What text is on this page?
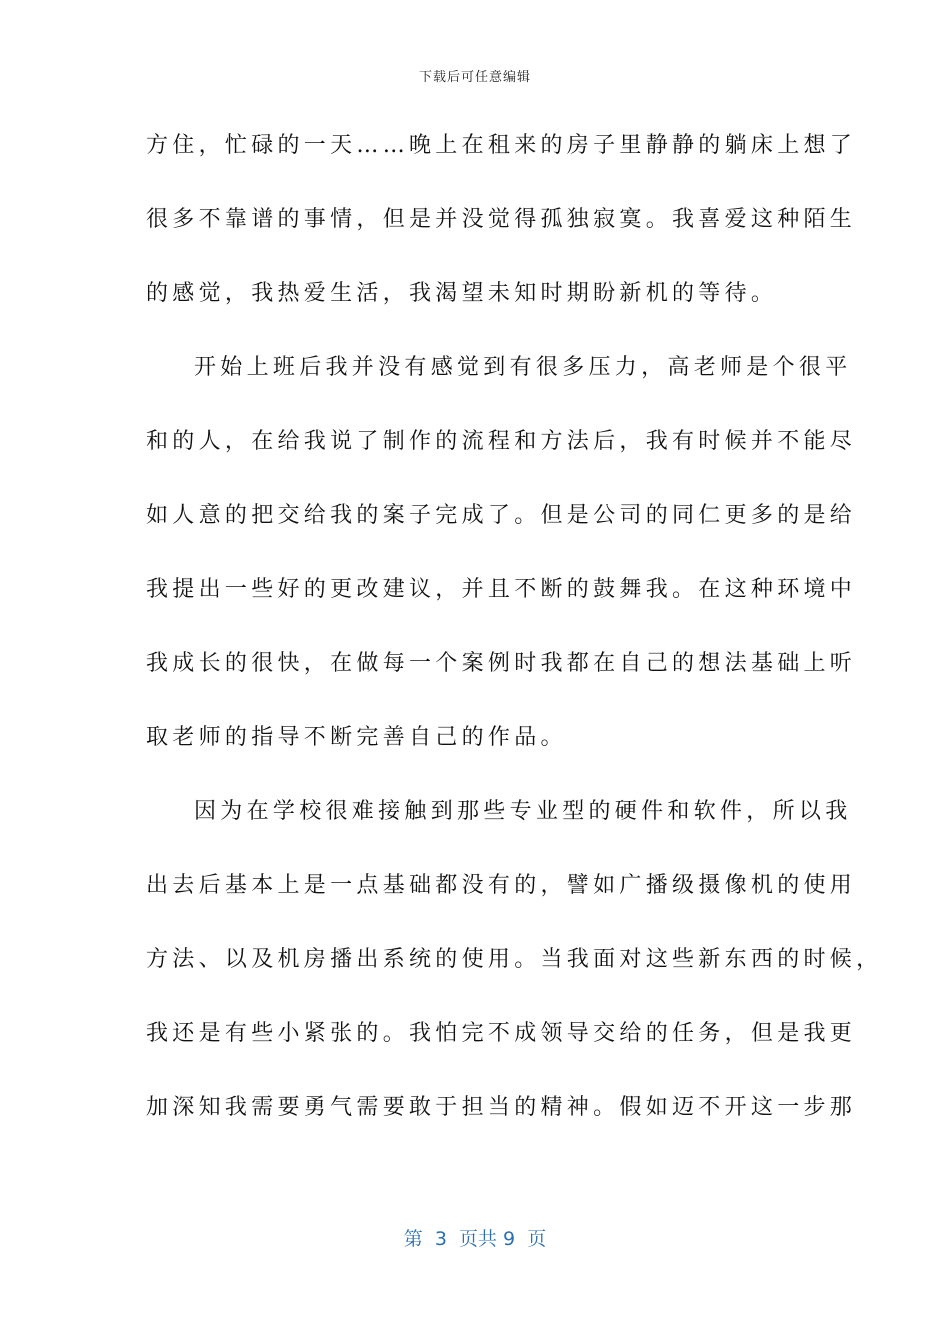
下载后可任意编辑
方住，忙碌的一天……晚上在租来的房子里静静的躺床上想了
很多不靠谱的事情，但是并没觉得孤独寂寞。我喜爱这种陌生
的感觉，我热爱生活，我渴望未知时期盼新机的等待。
开始上班后我并没有感觉到有很多压力，高老师是个很平
和的人，在给我说了制作的流程和方法后，我有时候并不能尽
如人意的把交给我的案子完成了。但是公司的同仁更多的是给
我提出一些好的更改建议，并且不断的鼓舞我。在这种环境中
我成长的很快，在做每一个案例时我都在自己的想法基础上听
取老师的指导不断完善自己的作品。
因为在学校很难接触到那些专业型的硬件和软件，所以我
出去后基本上是一点基础都没有的，譬如广播级摄像机的使用
方法、以及机房播出系统的使用。当我面对这些新东西的时候，
我还是有些小紧张的。我怕完不成领导交给的任务，但是我更
加深知我需要勇气需要敢于担当的精神。假如迈不开这一步那
第  3  页共 9  页
